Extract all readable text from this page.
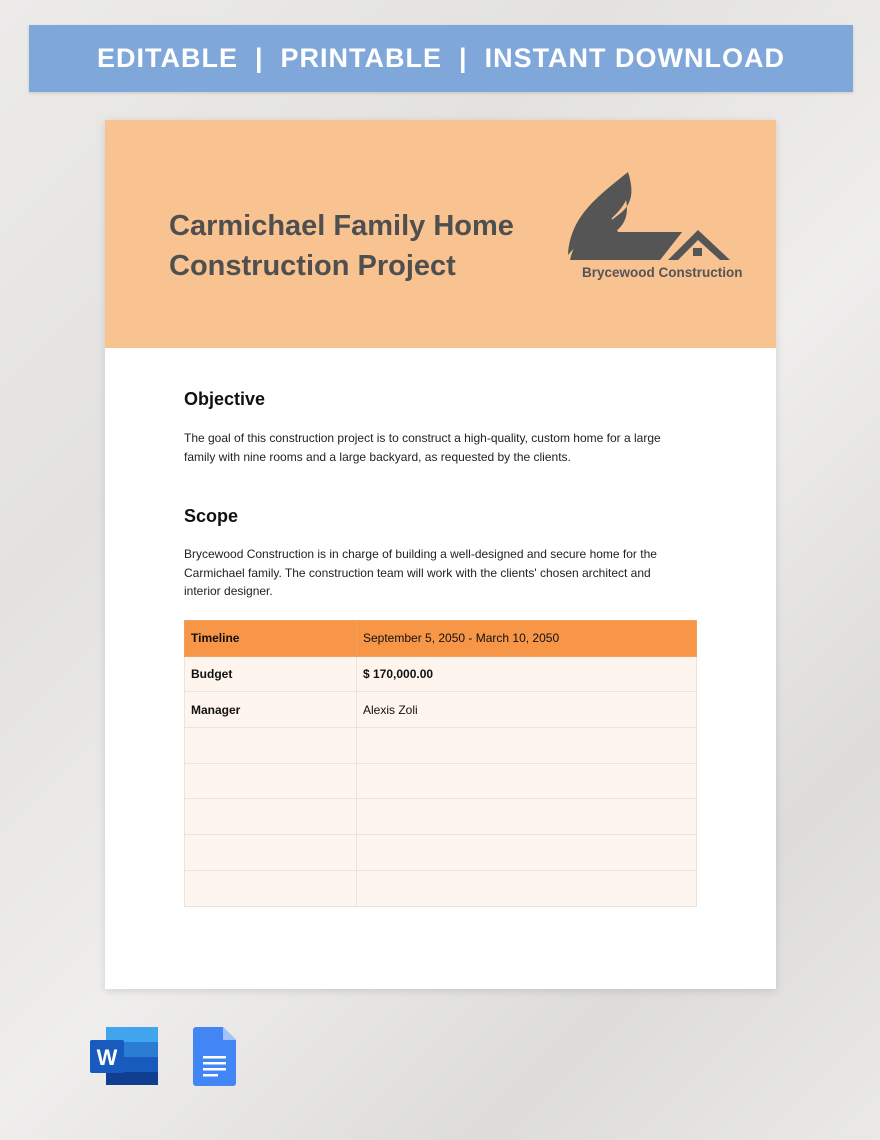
EDITABLE  |  PRINTABLE  |  INSTANT DOWNLOAD
Carmichael Family Home Construction Project	Brycewood Construction
Objective

The goal of this construction project is to construct a high-quality, custom home for a large family with nine rooms and a large backyard, as requested by the clients.

Scope

Brycewood Construction is in charge of building a well-designed and secure home for the Carmichael family. The construction team will work with the clients' chosen architect and interior designer.

Timeline	September 5, 2050 - March 10, 2050
Budget	$ 170,000.00
Manager	Alexis Zoli

W
